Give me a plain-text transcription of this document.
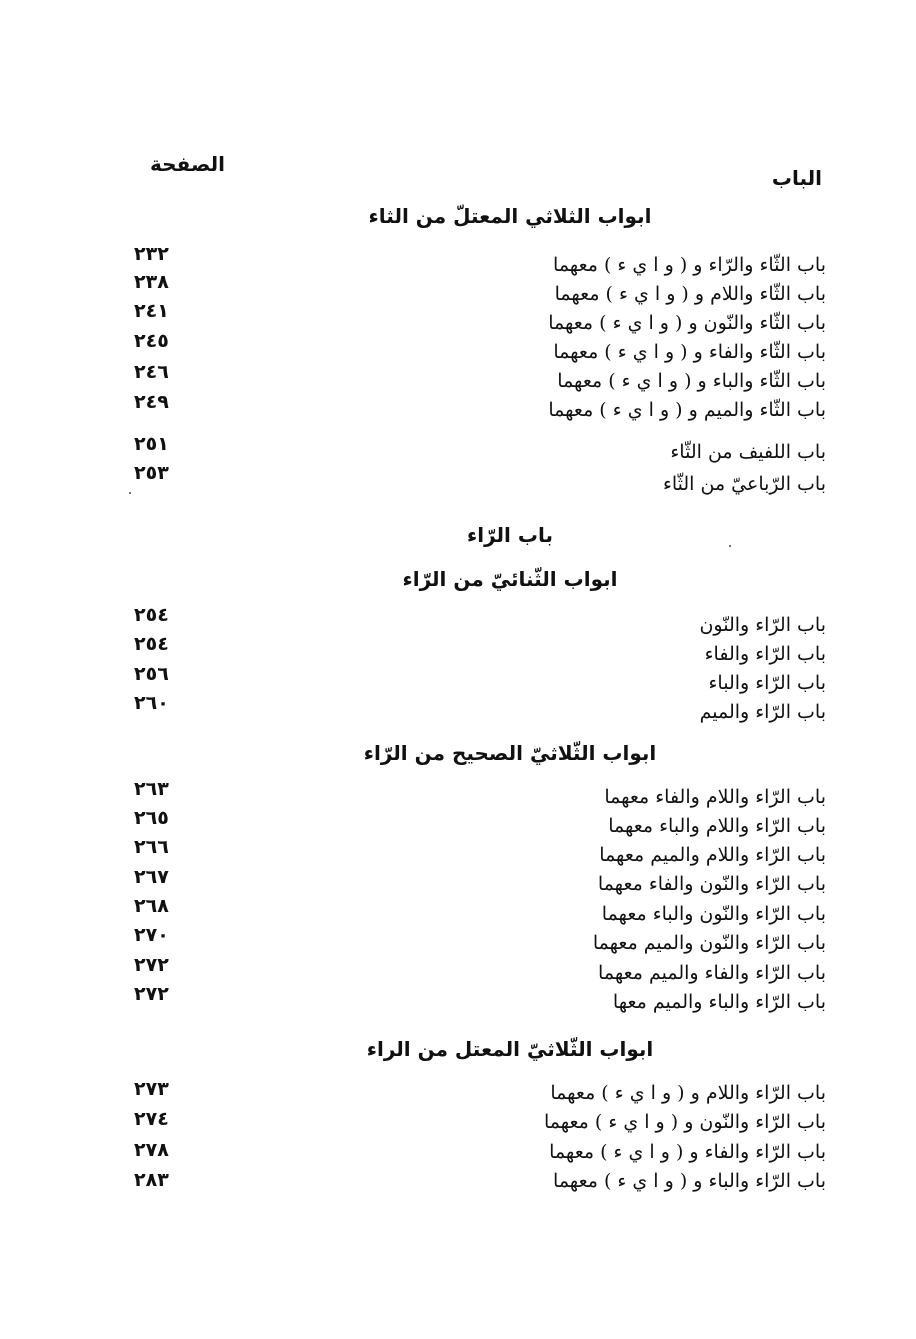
الباب
الصفحة
ابواب الثلاثي المعتلّ من الثاء
باب الثّاء والرّاء و ( و ا ي ء ) معهما
٢٣٢
باب الثّاء واللام و ( و ا ي ء ) معهما
٢٣٨
باب الثّاء والنّون و ( و ا ي ء ) معهما
٢٤١
باب الثّاء والفاء و ( و ا ي ء ) معهما
٢٤٥
باب الثّاء والباء و ( و ا ي ء ) معهما
٢٤٦
باب الثّاء والميم و ( و ا ي ء ) معهما
٢٤٩
باب اللفيف من الثّاء
٢٥١
باب الرّباعيّ من الثّاء
٢٥٣
باب الرّاء
ابواب الثّنائيّ من الرّاء
باب الرّاء والنّون
٢٥٤
باب الرّاء والفاء
٢٥٤
باب الرّاء والباء
٢٥٦
باب الرّاء والميم
٢٦٠
ابواب الثّلاثيّ الصحيح من الرّاء
باب الرّاء واللام والفاء معهما
٢٦٣
باب الرّاء واللام والباء معهما
٢٦٥
باب الرّاء واللام والميم معهما
٢٦٦
باب الرّاء والنّون والفاء معهما
٢٦٧
باب الرّاء والنّون والباء معهما
٢٦٨
باب الرّاء والنّون والميم معهما
٢٧٠
باب الرّاء والفاء والميم معهما
٢٧٢
باب الرّاء والباء والميم معها
٢٧٢
ابواب الثّلاثيّ المعتل من الراء
باب الرّاء واللام و ( و ا ي ء ) معهما
٢٧٣
باب الرّاء والنّون و ( و ا ي ء ) معهما
٢٧٤
باب الرّاء والفاء و ( و ا ي ء ) معهما
٢٧٨
باب الرّاء والباء و ( و ا ي ء ) معهما
٢٨٣
